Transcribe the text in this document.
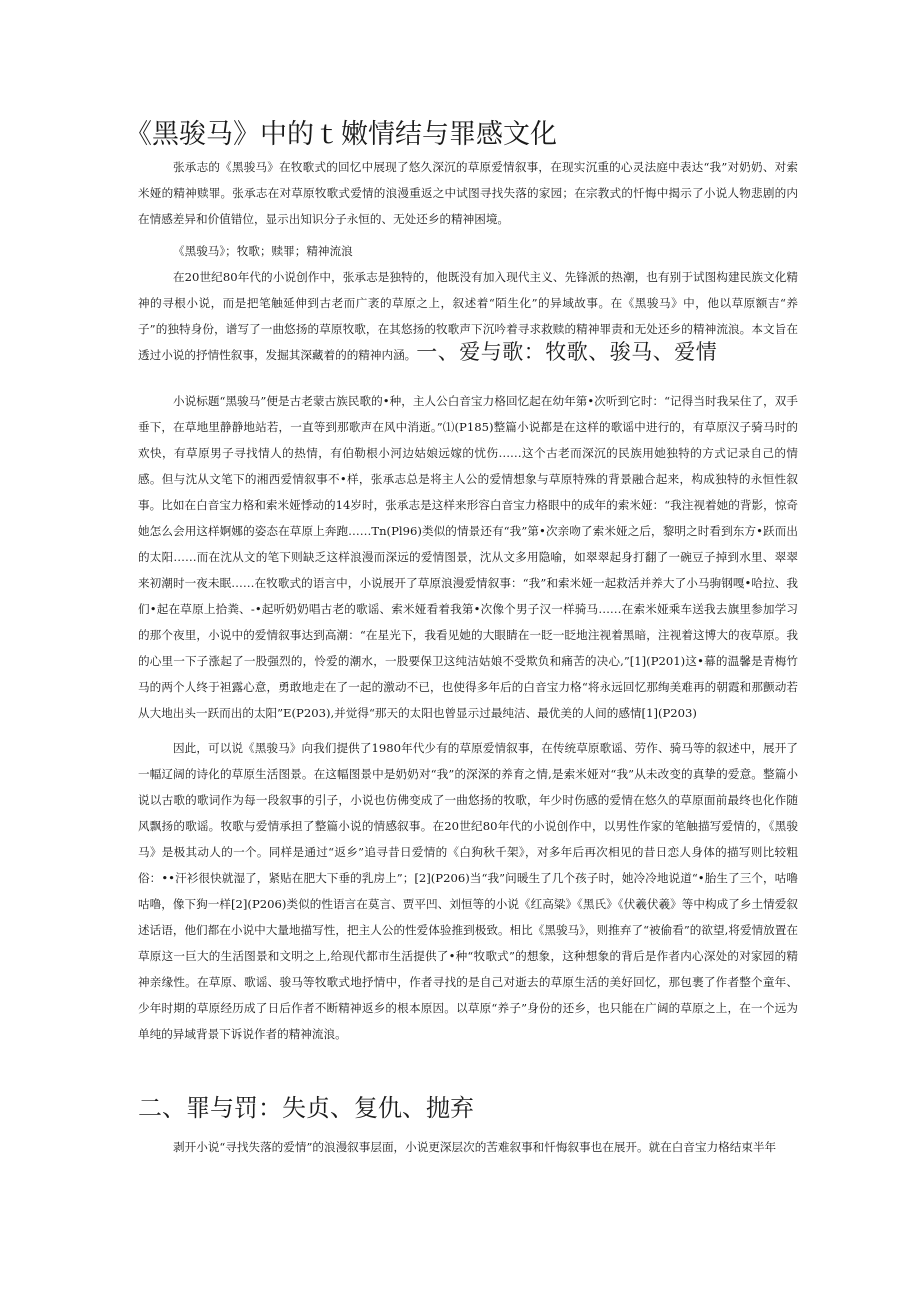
《黑骏马》中的ｔ嫩情结与罪感文化

张承志的《黑骏马》在牧歌式的回忆中展现了悠久深沉的草原爱情叙事，在现实沉重的心灵法庭中表达“我”对奶奶、对索米娅的精神赎罪。张承志在对草原牧歌式爱情的浪漫重返之中试图寻找失落的家园；在宗教式的忏悔中揭示了小说人物悲剧的内在情感差异和价值错位，显示出知识分子永恒的、无处还乡的精神困境。

《黑骏马》；牧歌；赎罪；精神流浪

在20世纪80年代的小说创作中，张承志是独特的，他既没有加入现代主义、先锋派的热潮，也有别于试图构建民族文化精神的寻根小说，而是把笔触延伸到古老而广袤的草原之上，叙述着“陌生化”的异域故事。在《黑骏马》中，他以草原额吉“养子”的独特身份，谱写了一曲悠扬的草原牧歌，在其悠扬的牧歌声下沉吟着寻求救赎的精神罪责和无处还乡的精神流浪。本文旨在透过小说的抒情性叙事，发掘其深藏着的的精神内涵。一、爱与歌：牧歌、骏马、爱情

小说标题“黑骏马”便是古老蒙古族民歌的•种，主人公白音宝力格回忆起在幼年第•次听到它时：“记得当时我呆住了，双手垂下，在草地里静静地站若，一直等到那歌声在风中消逝。”⑴(P185)整篇小说都是在这样的歌谣中进行的，有草原汉子骑马时的欢快，有草原男子寻找情人的热情，有伯勒根小河边姑娘远嫁的忧伤……这个古老而深沉的民族用她独特的方式记录自己的情感。但与沈从文笔下的湘西爱情叙事不•样，张承志总是将主人公的爱情想象与草原特殊的背景融合起来，构成独特的永恒性叙事。比如在白音宝力格和索米娅悸动的14岁时，张承志是这样来形容白音宝力格眼中的成年的索米娅：“我注视着她的背影，惊奇她怎么会用这样婀娜的姿态在草原上奔跑……Tn(Pl96)类似的情景还有“我”第•次亲吻了索米娅之后，黎明之时看到东方•跃而出的太阳……而在沈从文的笔下则缺乏这样浪漫而深远的爱情图景，沈从文多用隐喻，如翠翠起身打翻了一碗豆子掉到水里、翠翠来初潮时一夜未眠……在牧歌式的语言中，小说展开了草原浪漫爱情叙事：“我”和索米娅一起救活并养大了小马驹钢嘎•哈拉、我们•起在草原上拾粪、-•起听奶奶唱古老的歌谣、索米娅看着我第•次像个男子汉一样骑马……在索米娅乘车送我去旗里参加学习的那个夜里，小说中的爱情叙事达到高潮：“在星光下，我看见她的大眼睛在一眨一眨地注视着黑暗，注视着这博大的夜草原。我的心里一下子涨起了一股强烈的，怜爱的潮水，一股要保卫这纯洁姑娘不受欺负和痛苦的决心,”[1](P201)这•幕的温馨是青梅竹马的两个人终于袒露心意，勇敢地走在了一起的激动不已，也使得多年后的白音宝力格“将永远回忆那绚美难再的朝霞和那颤动若从大地出头一跃而出的太阳”E(P203),并觉得“那天的太阳也曾显示过最纯洁、最优美的人间的感情[1](P203)

因此，可以说《黑骏马》向我们提供了1980年代少有的草原爱情叙事，在传统草原歌谣、劳作、骑马等的叙述中，展开了一幅辽阔的诗化的草原生活图景。在这幅图景中是奶奶对“我”的深深的养育之情,是索米娅对“我”从未改变的真挚的爱意。整篇小说以古歌的歌词作为每一段叙事的引子，小说也仿佛变成了一曲悠扬的牧歌，年少时伤感的爱情在悠久的草原面前最终也化作随风飘扬的歌谣。牧歌与爱情承担了整篇小说的情感叙事。在20世纪80年代的小说创作中，以男性作家的笔触描写爱情的，《黑骏马》是极其动人的一个。同样是通过“返乡”追寻昔日爱情的《白狗秋千架》，对多年后再次相见的昔日恋人身体的描写则比较粗俗：••汗衫很快就湿了，紧贴在肥大下垂的乳房上”；[2](P206)当“我”问暖生了几个孩子时，她冷冷地说道“•胎生了三个，咕噜咕噜，像下狗一样[2](P206)类似的性语言在莫言、贾平凹、刘恒等的小说《红高粱》《黑氏》《伏羲伏羲》等中构成了乡土情爱叙述话语，他们都在小说中大量地描写性，把主人公的性爱体验推到极致。相比《黑骏马》，则推弃了“被偷看”的欲望,将爱情放置在草原这一巨大的生活图景和文明之上,给现代都市生活提供了•种“牧歌式”的想象，这种想象的背后是作者内心深处的对家园的精神亲缘性。在草原、歌谣、骏马等牧歌式地抒情中，作者寻找的是自己对逝去的草原生活的美好回忆，那包裹了作者整个童年、少年时期的草原经历成了日后作者不断精神返乡的根本原因。以草原“养子”身份的还乡，也只能在广阔的草原之上，在一个远为单纯的异域背景下诉说作者的精神流浪。

二、罪与罚：失贞、复仇、抛弃

剥开小说“寻找失落的爱情”的浪漫叙事层面，小说更深层次的苦难叙事和忏悔叙事也在展开。就在白音宝力格结束半年
